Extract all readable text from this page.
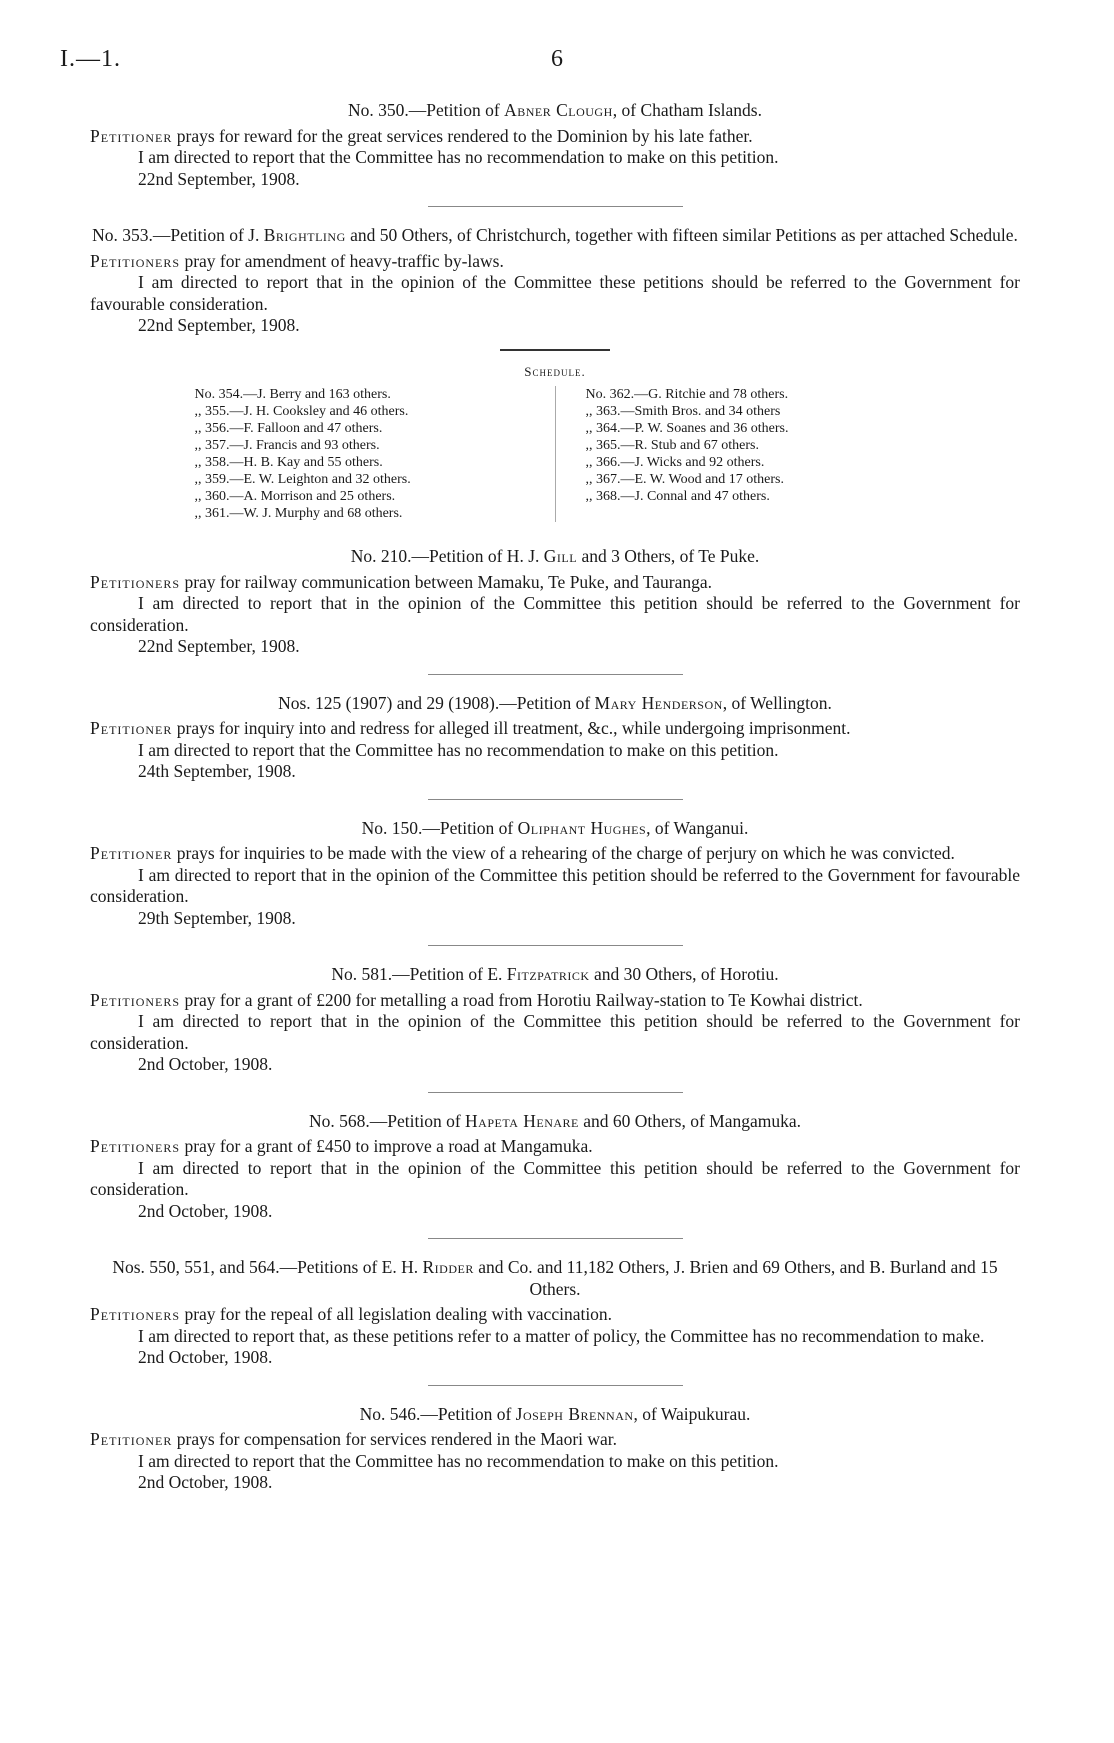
I.—1.	6
No. 350.—Petition of Abner Clough, of Chatham Islands.

Petitioner prays for reward for the great services rendered to the Dominion by his late father.

I am directed to report that the Committee has no recommendation to make on this petition.

22nd September, 1908.

No. 353.—Petition of J. Brightling and 50 Others, of Christchurch, together with fifteen similar Petitions as per attached Schedule.

Petitioners pray for amendment of heavy-traffic by-laws.

I am directed to report that in the opinion of the Committee these petitions should be referred to the Government for favourable consideration.

22nd September, 1908.

Schedule.
No. 354.—J. Berry and 163 others.
,, 355.—J. H. Cooksley and 46 others.
,, 356.—F. Falloon and 47 others.
,, 357.—J. Francis and 93 others.
,, 358.—H. B. Kay and 55 others.
,, 359.—E. W. Leighton and 32 others.
,, 360.—A. Morrison and 25 others.
,, 361.—W. J. Murphy and 68 others.
No. 362.—G. Ritchie and 78 others.
,, 363.—Smith Bros. and 34 others
,, 364.—P. W. Soanes and 36 others.
,, 365.—R. Stub and 67 others.
,, 366.—J. Wicks and 92 others.
,, 367.—E. W. Wood and 17 others.
,, 368.—J. Connal and 47 others.
No. 210.—Petition of H. J. Gill and 3 Others, of Te Puke.

Petitioners pray for railway communication between Mamaku, Te Puke, and Tauranga.

I am directed to report that in the opinion of the Committee this petition should be referred to the Government for consideration.

22nd September, 1908.

Nos. 125 (1907) and 29 (1908).—Petition of Mary Henderson, of Wellington.

Petitioner prays for inquiry into and redress for alleged ill treatment, &c., while undergoing imprisonment.

I am directed to report that the Committee has no recommendation to make on this petition.

24th September, 1908.

No. 150.—Petition of Oliphant Hughes, of Wanganui.

Petitioner prays for inquiries to be made with the view of a rehearing of the charge of perjury on which he was convicted.

I am directed to report that in the opinion of the Committee this petition should be referred to the Government for favourable consideration.

29th September, 1908.

No. 581.—Petition of E. Fitzpatrick and 30 Others, of Horotiu.

Petitioners pray for a grant of £200 for metalling a road from Horotiu Railway-station to Te Kowhai district.

I am directed to report that in the opinion of the Committee this petition should be referred to the Government for consideration.

2nd October, 1908.

No. 568.—Petition of Hapeta Henare and 60 Others, of Mangamuka.

Petitioners pray for a grant of £450 to improve a road at Mangamuka.

I am directed to report that in the opinion of the Committee this petition should be referred to the Government for consideration.

2nd October, 1908.

Nos. 550, 551, and 564.—Petitions of E. H. Ridder and Co. and 11,182 Others, J. Brien and 69 Others, and B. Burland and 15 Others.

Petitioners pray for the repeal of all legislation dealing with vaccination.

I am directed to report that, as these petitions refer to a matter of policy, the Committee has no recommendation to make.

2nd October, 1908.

No. 546.—Petition of Joseph Brennan, of Waipukurau.

Petitioner prays for compensation for services rendered in the Maori war.

I am directed to report that the Committee has no recommendation to make on this petition.

2nd October, 1908.
